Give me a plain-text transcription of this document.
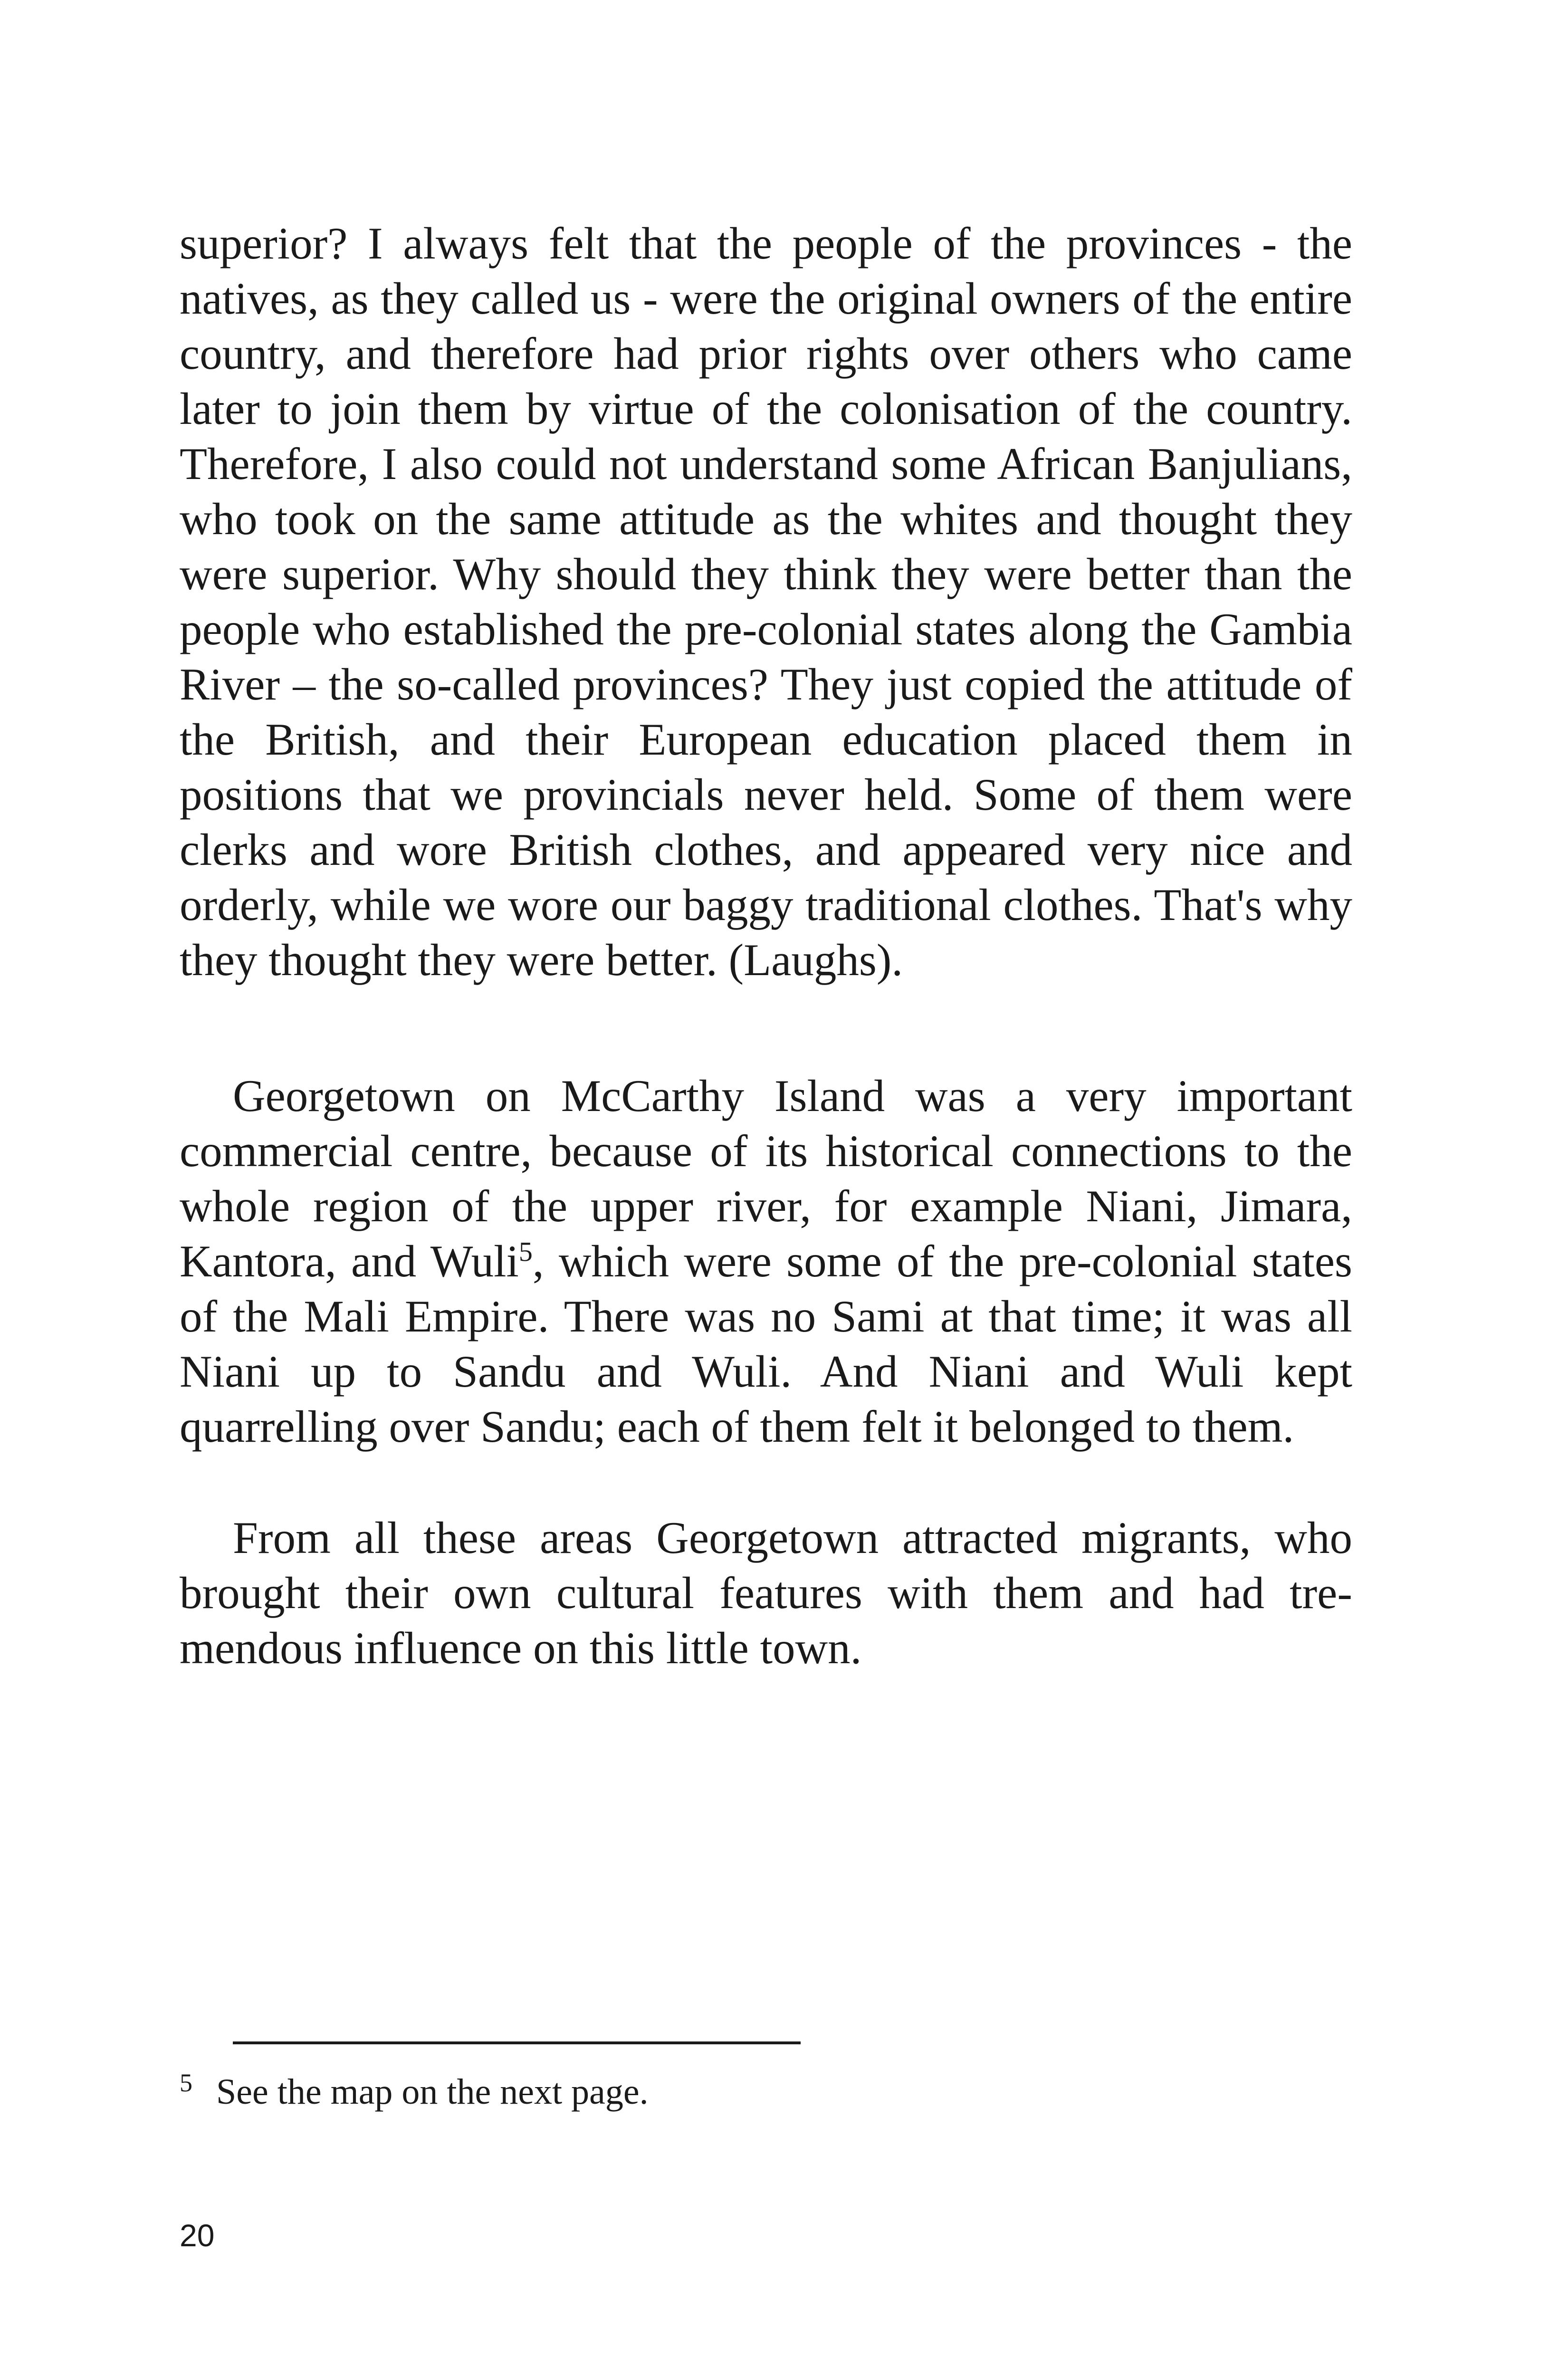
superior? I always felt that the people of the provinces - the natives, as they called us - were the original owners of the entire country, and therefore had prior rights over others who came later to join them by virtue of the colonisation of the country. Therefore, I also could not understand some African Banjulians, who took on the same attitude as the whites and thought they were superior. Why should they think they were better than the people who established the pre-colonial states along the Gambia River – the so-called provinces? They just copied the attitude of the British, and their European education placed them in positions that we provincials never held. Some of them were clerks and wore British clothes, and appeared very nice and orderly, while we wore our baggy traditional clothes. That's why they thought they were better. (Laughs).

Georgetown on McCarthy Island was a very important commercial centre, because of its historical connections to the whole region of the upper river, for example Niani, Jimara, Kantora, and Wuli$^5$, which were some of the pre-colonial states of the Mali Empire. There was no Sami at that time; it was all Niani up to Sandu and Wuli. And Niani and Wuli kept quarrelling over Sandu; each of them felt it belonged to them.

From all these areas Georgetown attracted migrants, who brought their own cultural features with them and had tremendous influence on this little town.

$^5$ See the map on the next page.
20
